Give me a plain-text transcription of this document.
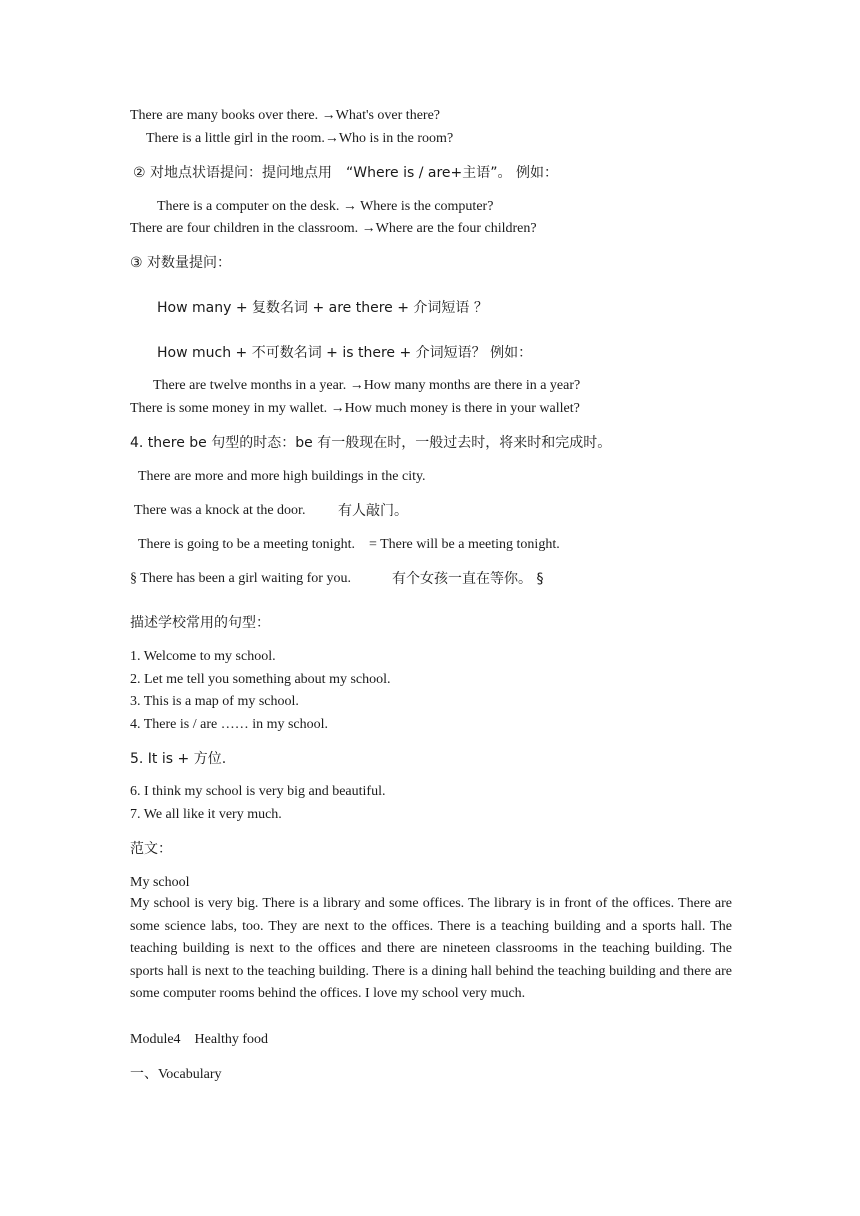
There are many books over there. →What's over there?
There is a little girl in the room.→Who is in the room?
② 对地点状语提问：提问地点用　“Where is / are+主语”。 例如：
There is a computer on the desk. → Where is the computer?
There are four children in the classroom. →Where are the four children?
③ 对数量提问：
How many + 复数名词 + are there + 介词短语 ？
How much + 不可数名词 + is there + 介词短语？ 例如：
There are twelve months in a year. →How many months are there in a year?
There is some money in my wallet. →How much money is there in your wallet?
4. there be 句型的时态：be 有一般现在时，一般过去时，将来时和完成时。
There are more and more high buildings in the city.
There was a knock at the door. 有人敲门。
There is going to be a meeting tonight.　= There will be a meeting tonight.
§ There has been a girl waiting for you.	有个女孩一直在等你。 §
描述学校常用的句型：
1. Welcome to my school.
2. Let me tell you something about my school.
3. This is a map of my school.
4. There is / are …… in my school.
5. It is + 方位.
6. I think my school is very big and beautiful.
7. We all like it very much.
范文：
My school
My school is very big. There is a library and some offices. The library is in front of the offices. There are some science labs, too. They are next to the offices. There is a teaching building and a sports hall. The teaching building is next to the offices and there are nineteen classrooms in the teaching building. The sports hall is next to the teaching building. There is a dining hall behind the teaching building and there are some computer rooms behind the offices. I love my school very much.
Module4　Healthy food
一、Vocabulary
